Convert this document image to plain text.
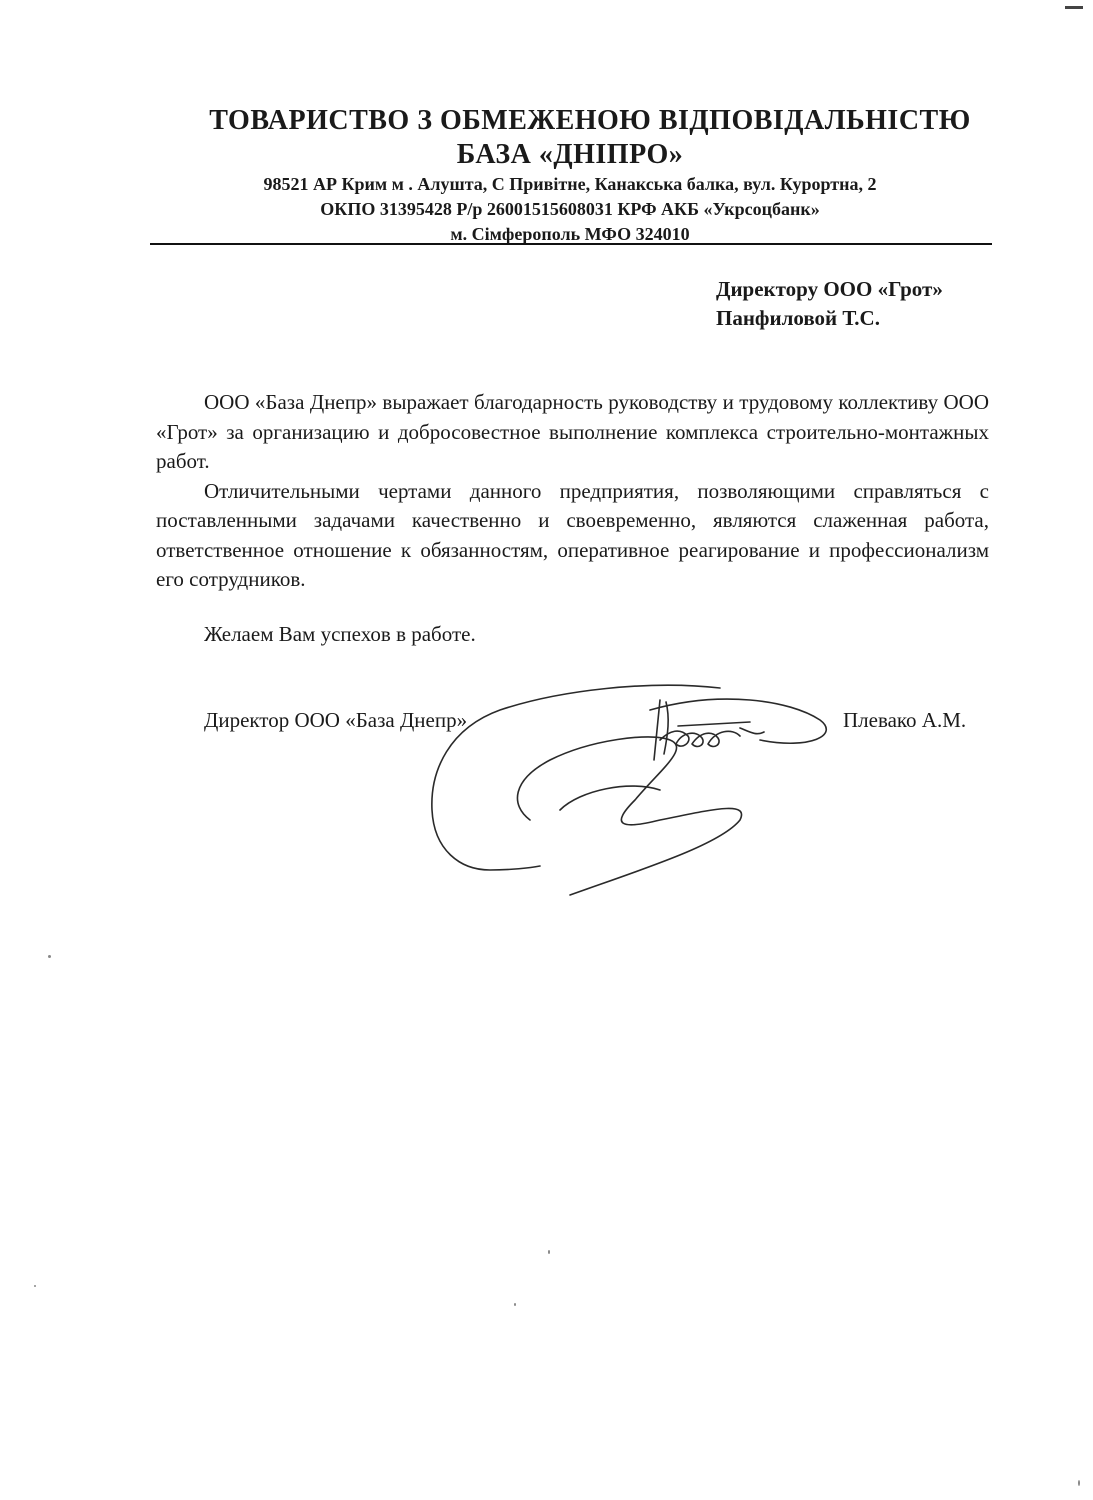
ТОВАРИСТВО З ОБМЕЖЕНОЮ ВІДПОВІДАЛЬНІСТЮ
БАЗА «ДНІПРО»
98521 АР Крим м . Алушта, С Привітне, Канакська балка, вул. Курортна, 2
ОКПО 31395428 Р/р 26001515608031 КРФ АКБ «Укрсоцбанк»
м. Сімферополь МФО 324010
Директору ООО «Грот»
Панфиловой Т.С.

ООО «База Днепр» выражает благодарность руководству и трудовому коллективу ООО «Грот» за организацию и добросовестное выполнение комплекса строительно-монтажных работ.

Отличительными чертами данного предприятия, позволяющими справляться с поставленными задачами качественно и своевременно, являются слаженная работа, ответственное отношение к обязанностям, оперативное реагирование и профессионализм его сотрудников.

Желаем Вам успехов в работе.
Директор ООО «База Днепр»	Плевако А.М.
